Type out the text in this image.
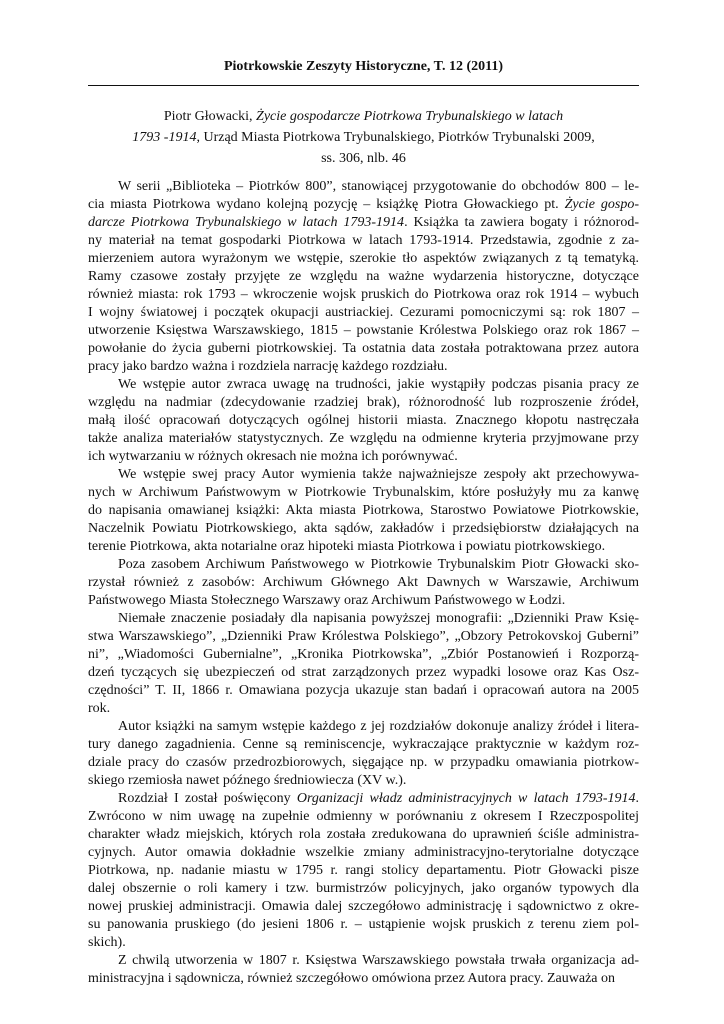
Piotrkowskie Zeszyty Historyczne, T. 12 (2011)
Piotr Głowacki, Życie gospodarcze Piotrkowa Trybunalskiego w latach
1793 -1914, Urząd Miasta Piotrkowa Trybunalskiego, Piotrków Trybunalski 2009,
ss. 306, nlb. 46
W serii „Biblioteka – Piotrków 800”, stanowiącej przygotowanie do obchodów 800 – le-
cia miasta Piotrkowa wydano kolejną pozycję – książkę Piotra Głowackiego pt. Życie gospo-
darcze Piotrkowa Trybunalskiego w latach 1793-1914. Książka ta zawiera bogaty i różnorod-
ny materiał na temat gospodarki Piotrkowa w latach 1793-1914. Przedstawia, zgodnie z za-
mierzeniem autora wyrażonym we wstępie, szerokie tło aspektów związanych z tą tematyką.
Ramy czasowe zostały przyjęte ze względu na ważne wydarzenia historyczne, dotyczące
również miasta: rok 1793 – wkroczenie wojsk pruskich do Piotrkowa oraz rok 1914 – wybuch
I wojny światowej i początek okupacji austriackiej. Cezurami pomocniczymi są: rok 1807 –
utworzenie Księstwa Warszawskiego, 1815 – powstanie Królestwa Polskiego oraz rok 1867 –
powołanie do życia guberni piotrkowskiej. Ta ostatnia data została potraktowana przez autora
pracy jako bardzo ważna i rozdziela narrację każdego rozdziału.
We wstępie autor zwraca uwagę na trudności, jakie wystąpiły podczas pisania pracy ze
względu na nadmiar (zdecydowanie rzadziej brak), różnorodność lub rozproszenie źródeł,
małą ilość opracowań dotyczących ogólnej historii miasta. Znacznego kłopotu nastręczała
także analiza materiałów statystycznych. Ze względu na odmienne kryteria przyjmowane przy
ich wytwarzaniu w różnych okresach nie można ich porównywać.
We wstępie swej pracy Autor wymienia także najważniejsze zespoły akt przechowywa-
nych w Archiwum Państwowym w Piotrkowie Trybunalskim, które posłużyły mu za kanwę
do napisania omawianej książki: Akta miasta Piotrkowa, Starostwo Powiatowe Piotrkowskie,
Naczelnik Powiatu Piotrkowskiego, akta sądów, zakładów i przedsiębiorstw działających na
terenie Piotrkowa, akta notarialne oraz hipoteki miasta Piotrkowa i powiatu piotrkowskiego.
Poza zasobem Archiwum Państwowego w Piotrkowie Trybunalskim Piotr Głowacki sko-
rzystał również z zasobów: Archiwum Głównego Akt Dawnych w Warszawie, Archiwum
Państwowego Miasta Stołecznego Warszawy oraz Archiwum Państwowego w Łodzi.
Niemałe znaczenie posiadały dla napisania powyższej monografii: „Dzienniki Praw Księ-
stwa Warszawskiego”, „Dzienniki Praw Królestwa Polskiego”, „Obzory Petrokovskoj Guberni”
ni”, „Wiadomości Gubernialne”, „Kronika Piotrkowska”, „Zbiór Postanowień i Rozporzą-
dzeń tyczących się ubezpieczeń od strat zarządzonych przez wypadki losowe oraz Kas Osz-
czędności” T. II, 1866 r. Omawiana pozycja ukazuje stan badań i opracowań autora na 2005
rok.
Autor książki na samym wstępie każdego z jej rozdziałów dokonuje analizy źródeł i litera-
tury danego zagadnienia. Cenne są reminiscencje, wykraczające praktycznie w każdym roz-
dziale pracy do czasów przedrozbiorowych, sięgające np. w przypadku omawiania piotrkow-
skiego rzemiosła nawet późnego średniowiecza (XV w.).
Rozdział I został poświęcony Organizacji władz administracyjnych w latach 1793-1914.
Zwrócono w nim uwagę na zupełnie odmienny w porównaniu z okresem I Rzeczpospolitej
charakter władz miejskich, których rola została zredukowana do uprawnień ściśle administra-
cyjnych. Autor omawia dokładnie wszelkie zmiany administracyjno-terytorialne dotyczące
Piotrkowa, np. nadanie miastu w 1795 r. rangi stolicy departamentu. Piotr Głowacki pisze
dalej obszernie o roli kamery i tzw. burmistrzów policyjnych, jako organów typowych dla
nowej pruskiej administracji. Omawia dalej szczegółowo administrację i sądownictwo z okre-
su panowania pruskiego (do jesieni 1806 r. – ustąpienie wojsk pruskich z terenu ziem pol-
skich).
Z chwilą utworzenia w 1807 r. Księstwa Warszawskiego powstała trwała organizacja ad-
ministracyjna i sądownicza, również szczegółowo omówiona przez Autora pracy. Zauważa on
